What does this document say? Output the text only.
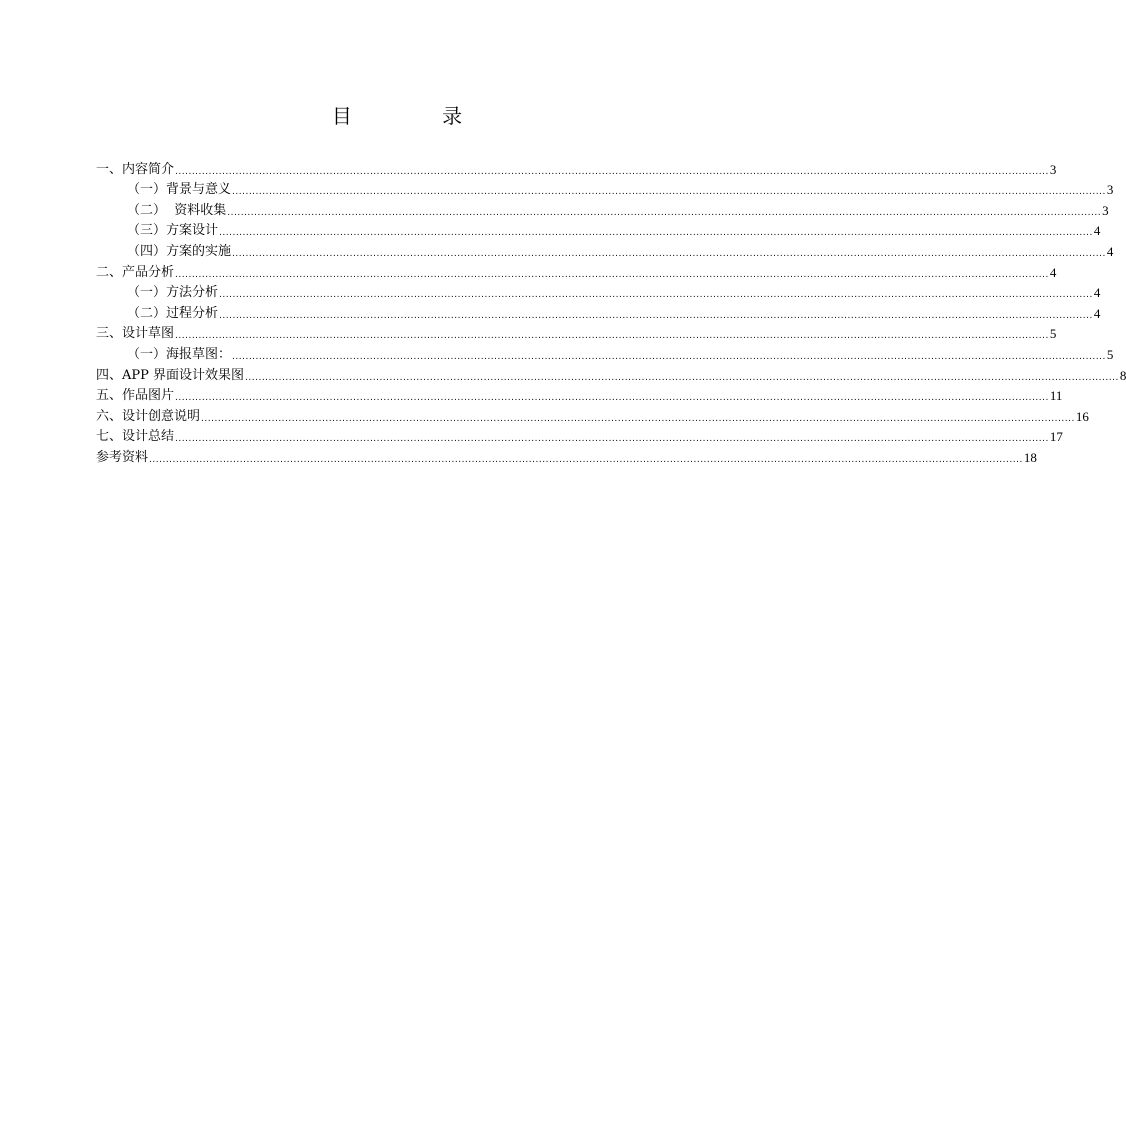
目 录
一、内容简介 .................................................................................................................................................................................................................................................................... 3
（一）背景与意义 .................................................................................................................................................................................................................................................................... 3
（二）  资料收集 .................................................................................................................................................................................................................................................................... 3
（三）方案设计 .................................................................................................................................................................................................................................................................... 4
（四）方案的实施 .................................................................................................................................................................................................................................................................... 4
二、产品分析 .................................................................................................................................................................................................................................................................... 4
（一）方法分析 .................................................................................................................................................................................................................................................................... 4
（二）过程分析 .................................................................................................................................................................................................................................................................... 4
三、设计草图 .................................................................................................................................................................................................................................................................... 5
（一）海报草图： .................................................................................................................................................................................................................................................................... 5
四、APP 界面设计效果图 .................................................................................................................................................................................................................................................................... 8
五、作品图片 .................................................................................................................................................................................................................................................................... 11
六、设计创意说明 .................................................................................................................................................................................................................................................................... 16
七、设计总结 .................................................................................................................................................................................................................................................................... 17
参考资料 .................................................................................................................................................................................................................................................................... 18
